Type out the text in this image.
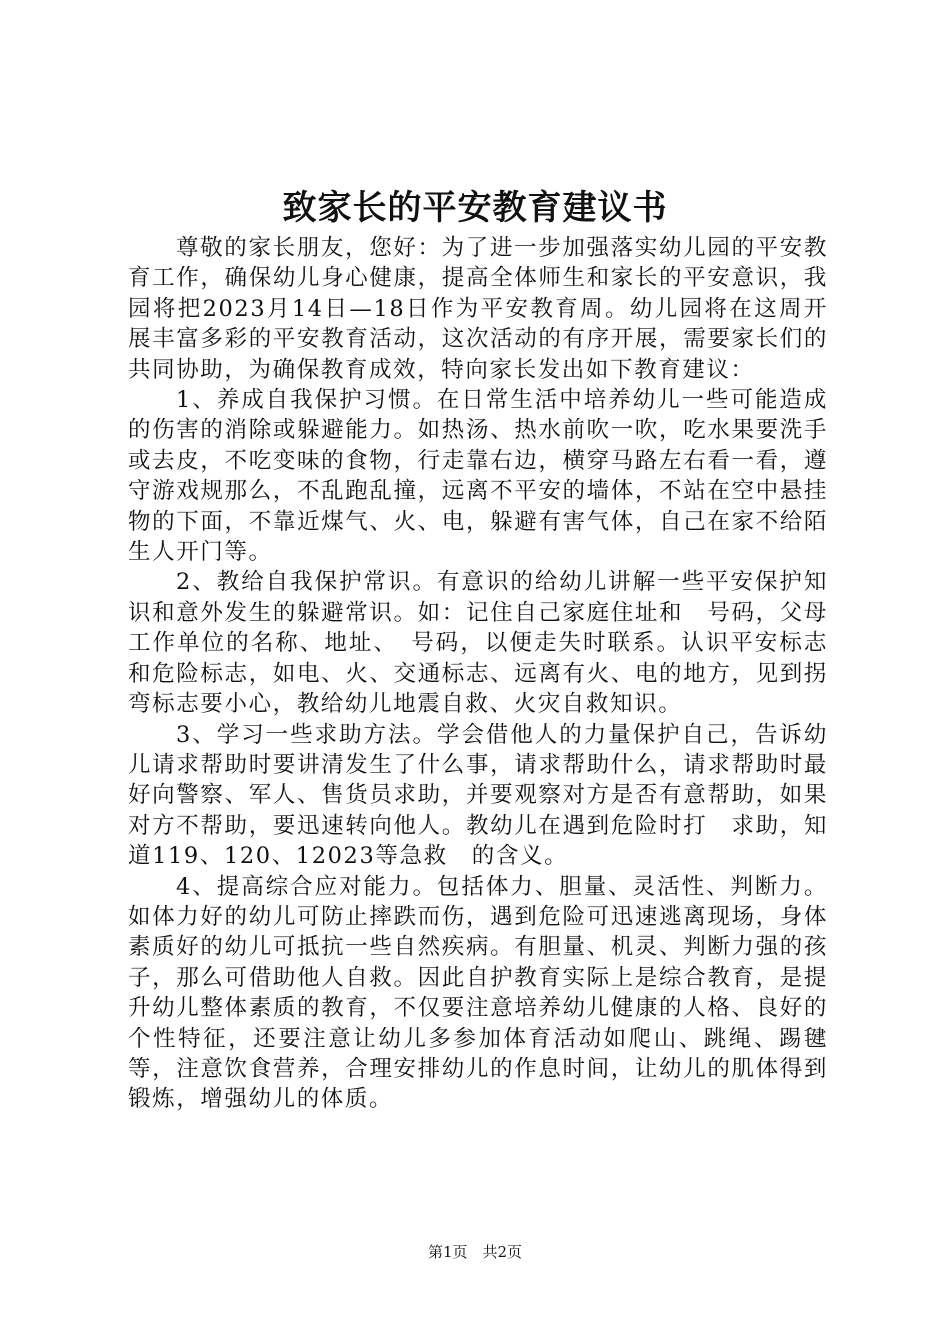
致家长的平安教育建议书

尊敬的家长朋友，您好：为了进一步加强落实幼儿园的平安教育工作，确保幼儿身心健康，提高全体师生和家长的平安意识，我园将把2023月14日—18日作为平安教育周。幼儿园将在这周开展丰富多彩的平安教育活动，这次活动的有序开展，需要家长们的共同协助，为确保教育成效，特向家长发出如下教育建议：

1、养成自我保护习惯。在日常生活中培养幼儿一些可能造成的伤害的消除或躲避能力。如热汤、热水前吹一吹，吃水果要洗手或去皮，不吃变味的食物，行走靠右边，横穿马路左右看一看，遵守游戏规那么，不乱跑乱撞，远离不平安的墙体，不站在空中悬挂物的下面，不靠近煤气、火、电，躲避有害气体，自己在家不给陌生人开门等。

2、教给自我保护常识。有意识的给幼儿讲解一些平安保护知识和意外发生的躲避常识。如：记住自己家庭住址和　号码，父母工作单位的名称、地址、　号码，以便走失时联系。认识平安标志和危险标志，如电、火、交通标志、远离有火、电的地方，见到拐弯标志要小心，教给幼儿地震自救、火灾自救知识。

3、学习一些求助方法。学会借他人的力量保护自己，告诉幼儿请求帮助时要讲清发生了什么事，请求帮助什么，请求帮助时最好向警察、军人、售货员求助，并要观察对方是否有意帮助，如果对方不帮助，要迅速转向他人。教幼儿在遇到危险时打　求助，知道119、120、12023等急救　的含义。

4、提高综合应对能力。包括体力、胆量、灵活性、判断力。如体力好的幼儿可防止摔跌而伤，遇到危险可迅速逃离现场，身体素质好的幼儿可抵抗一些自然疾病。有胆量、机灵、判断力强的孩子，那么可借助他人自救。因此自护教育实际上是综合教育，是提升幼儿整体素质的教育，不仅要注意培养幼儿健康的人格、良好的个性特征，还要注意让幼儿多参加体育活动如爬山、跳绳、踢毽等，注意饮食营养，合理安排幼儿的作息时间，让幼儿的肌体得到锻炼，增强幼儿的体质。

第1页　共2页
